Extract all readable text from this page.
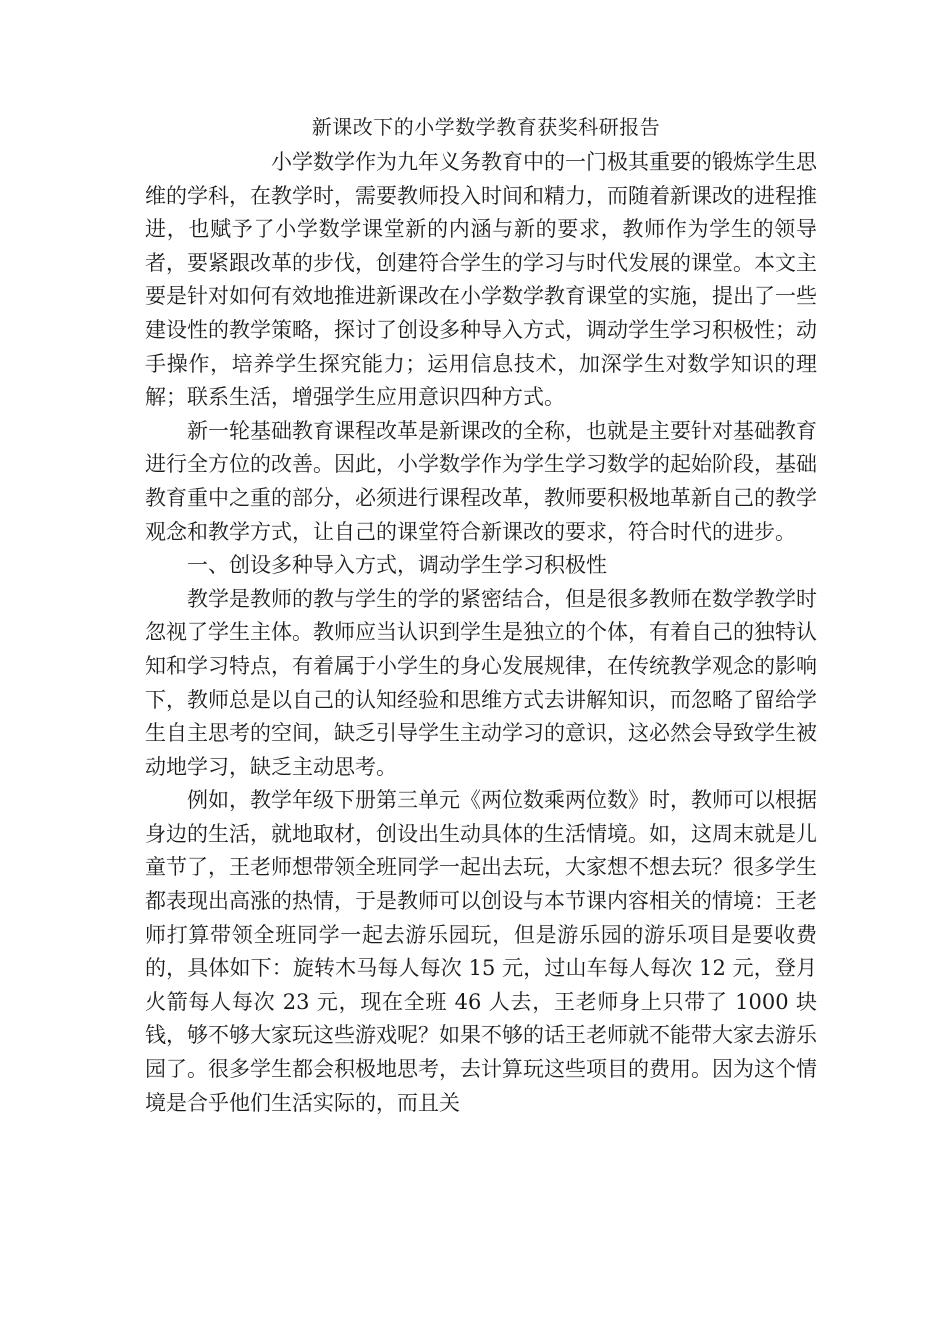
新课改下的小学数学教育获奖科研报告

小学数学作为九年义务教育中的一门极其重要的锻炼学生思维的学科，在教学时，需要教师投入时间和精力，而随着新课改的进程推进，也赋予了小学数学课堂新的内涵与新的要求，教师作为学生的领导者，要紧跟改革的步伐，创建符合学生的学习与时代发展的课堂。本文主要是针对如何有效地推进新课改在小学数学教育课堂的实施，提出了一些建设性的教学策略，探讨了创设多种导入方式，调动学生学习积极性；动手操作，培养学生探究能力；运用信息技术，加深学生对数学知识的理解；联系生活，增强学生应用意识四种方式。

新一轮基础教育课程改革是新课改的全称，也就是主要针对基础教育进行全方位的改善。因此，小学数学作为学生学习数学的起始阶段，基础教育重中之重的部分，必须进行课程改革，教师要积极地革新自己的教学观念和教学方式，让自己的课堂符合新课改的要求，符合时代的进步。

一、创设多种导入方式，调动学生学习积极性

教学是教师的教与学生的学的紧密结合，但是很多教师在数学教学时忽视了学生主体。教师应当认识到学生是独立的个体，有着自己的独特认知和学习特点，有着属于小学生的身心发展规律，在传统教学观念的影响下，教师总是以自己的认知经验和思维方式去讲解知识，而忽略了留给学生自主思考的空间，缺乏引导学生主动学习的意识，这必然会导致学生被动地学习，缺乏主动思考。

例如，教学年级下册第三单元《两位数乘两位数》时，教师可以根据身边的生活，就地取材，创设出生动具体的生活情境。如，这周末就是儿童节了，王老师想带领全班同学一起出去玩，大家想不想去玩？很多学生都表现出高涨的热情，于是教师可以创设与本节课内容相关的情境：王老师打算带领全班同学一起去游乐园玩，但是游乐园的游乐项目是要收费的，具体如下：旋转木马每人每次 15 元，过山车每人每次 12 元，登月火箭每人每次 23 元，现在全班 46 人去，王老师身上只带了 1000 块钱，够不够大家玩这些游戏呢？如果不够的话王老师就不能带大家去游乐园了。很多学生都会积极地思考，去计算玩这些项目的费用。因为这个情境是合乎他们生活实际的，而且关
